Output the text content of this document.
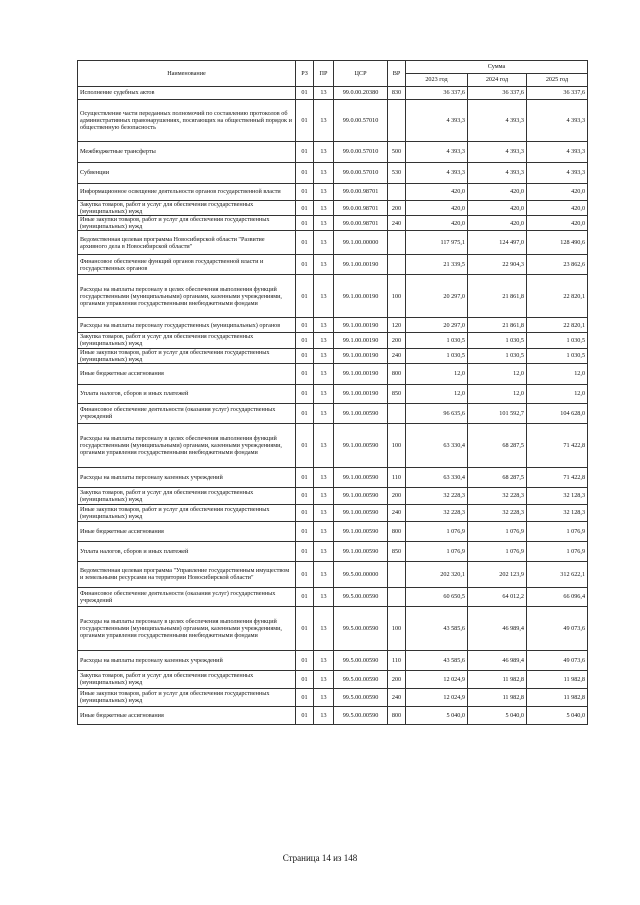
Наименование	РЗ	ПР	ЦСР	ВР	Сумма		
					2023 год	2024 год	2025 год
Исполнение судебных актов	01	13	99.0.00.20380	830	36 337,6	36 337,6	36 337,6
Осуществление части переданных полномочий по составлению протоколов об административных правонарушениях, посягающих на общественный порядок и общественную безопасность	01	13	99.0.00.57010		4 393,3	4 393,3	4 393,3
Межбюджетные трансферты	01	13	99.0.00.57010	500	4 393,3	4 393,3	4 393,3
Субвенции	01	13	99.0.00.57010	530	4 393,3	4 393,3	4 393,3
Информационное освещение деятельности органов государственной власти	01	13	99.0.00.98701		420,0	420,0	420,0
Закупка товаров, работ и услуг для обеспечения государственных (муниципальных) нужд	01	13	99.0.00.98701	200	420,0	420,0	420,0
Иные закупки товаров, работ и услуг для обеспечения государственных (муниципальных) нужд	01	13	99.0.00.98701	240	420,0	420,0	420,0
Ведомственная целевая программа Новосибирской области "Развитие архивного дела в Новосибирской области"	01	13	99.1.00.00000		117 975,1	124 497,0	128 490,6
Финансовое обеспечение функций органов государственной власти и государственных органов	01	13	99.1.00.00190		21 339,5	22 904,3	23 862,6
Расходы на выплаты персоналу в целях обеспечения выполнения функций государственными (муниципальными) органами, казенными учреждениями, органами управления государственными внебюджетными фондами	01	13	99.1.00.00190	100	20 297,0	21 861,8	22 820,1
Расходы на выплаты персоналу государственных (муниципальных) органов	01	13	99.1.00.00190	120	20 297,0	21 861,8	22 820,1
Закупка товаров, работ и услуг для обеспечения государственных (муниципальных) нужд	01	13	99.1.00.00190	200	1 030,5	1 030,5	1 030,5
Иные закупки товаров, работ и услуг для обеспечения государственных (муниципальных) нужд	01	13	99.1.00.00190	240	1 030,5	1 030,5	1 030,5
Иные бюджетные ассигнования	01	13	99.1.00.00190	800	12,0	12,0	12,0
Уплата налогов, сборов и иных платежей	01	13	99.1.00.00190	850	12,0	12,0	12,0
Финансовое обеспечение деятельности (оказания услуг) государственных учреждений	01	13	99.1.00.00590		96 635,6	101 592,7	104 628,0
Расходы на выплаты персоналу в целях обеспечения выполнения функций государственными (муниципальными) органами, казенными учреждениями, органами управления государственными внебюджетными фондами	01	13	99.1.00.00590	100	63 330,4	68 287,5	71 422,8
Расходы на выплаты персоналу казенных учреждений	01	13	99.1.00.00590	110	63 330,4	68 287,5	71 422,8
Закупка товаров, работ и услуг для обеспечения государственных (муниципальных) нужд	01	13	99.1.00.00590	200	32 228,3	32 228,3	32 128,3
Иные закупки товаров, работ и услуг для обеспечения государственных (муниципальных) нужд	01	13	99.1.00.00590	240	32 228,3	32 228,3	32 128,3
Иные бюджетные ассигнования	01	13	99.1.00.00590	800	1 076,9	1 076,9	1 076,9
Уплата налогов, сборов и иных платежей	01	13	99.1.00.00590	850	1 076,9	1 076,9	1 076,9
Ведомственная целевая программа "Управление государственным имуществом и земельными ресурсами на территории Новосибирской области"	01	13	99.5.00.00000		202 320,1	202 123,9	312 622,1
Финансовое обеспечение деятельности (оказания услуг) государственных учреждений	01	13	99.5.00.00590		60 650,5	64 012,2	66 096,4
Расходы на выплаты персоналу в целях обеспечения выполнения функций государственными (муниципальными) органами, казенными учреждениями, органами управления государственными внебюджетными фондами	01	13	99.5.00.00590	100	43 585,6	46 989,4	49 073,6
Расходы на выплаты персоналу казенных учреждений	01	13	99.5.00.00590	110	43 585,6	46 989,4	49 073,6
Закупка товаров, работ и услуг для обеспечения государственных (муниципальных) нужд	01	13	99.5.00.00590	200	12 024,9	11 982,8	11 982,8
Иные закупки товаров, работ и услуг для обеспечения государственных (муниципальных) нужд	01	13	99.5.00.00590	240	12 024,9	11 982,8	11 982,8
Иные бюджетные ассигнования	01	13	99.5.00.00590	800	5 040,0	5 040,0	5 040,0
Страница 14 из 148
